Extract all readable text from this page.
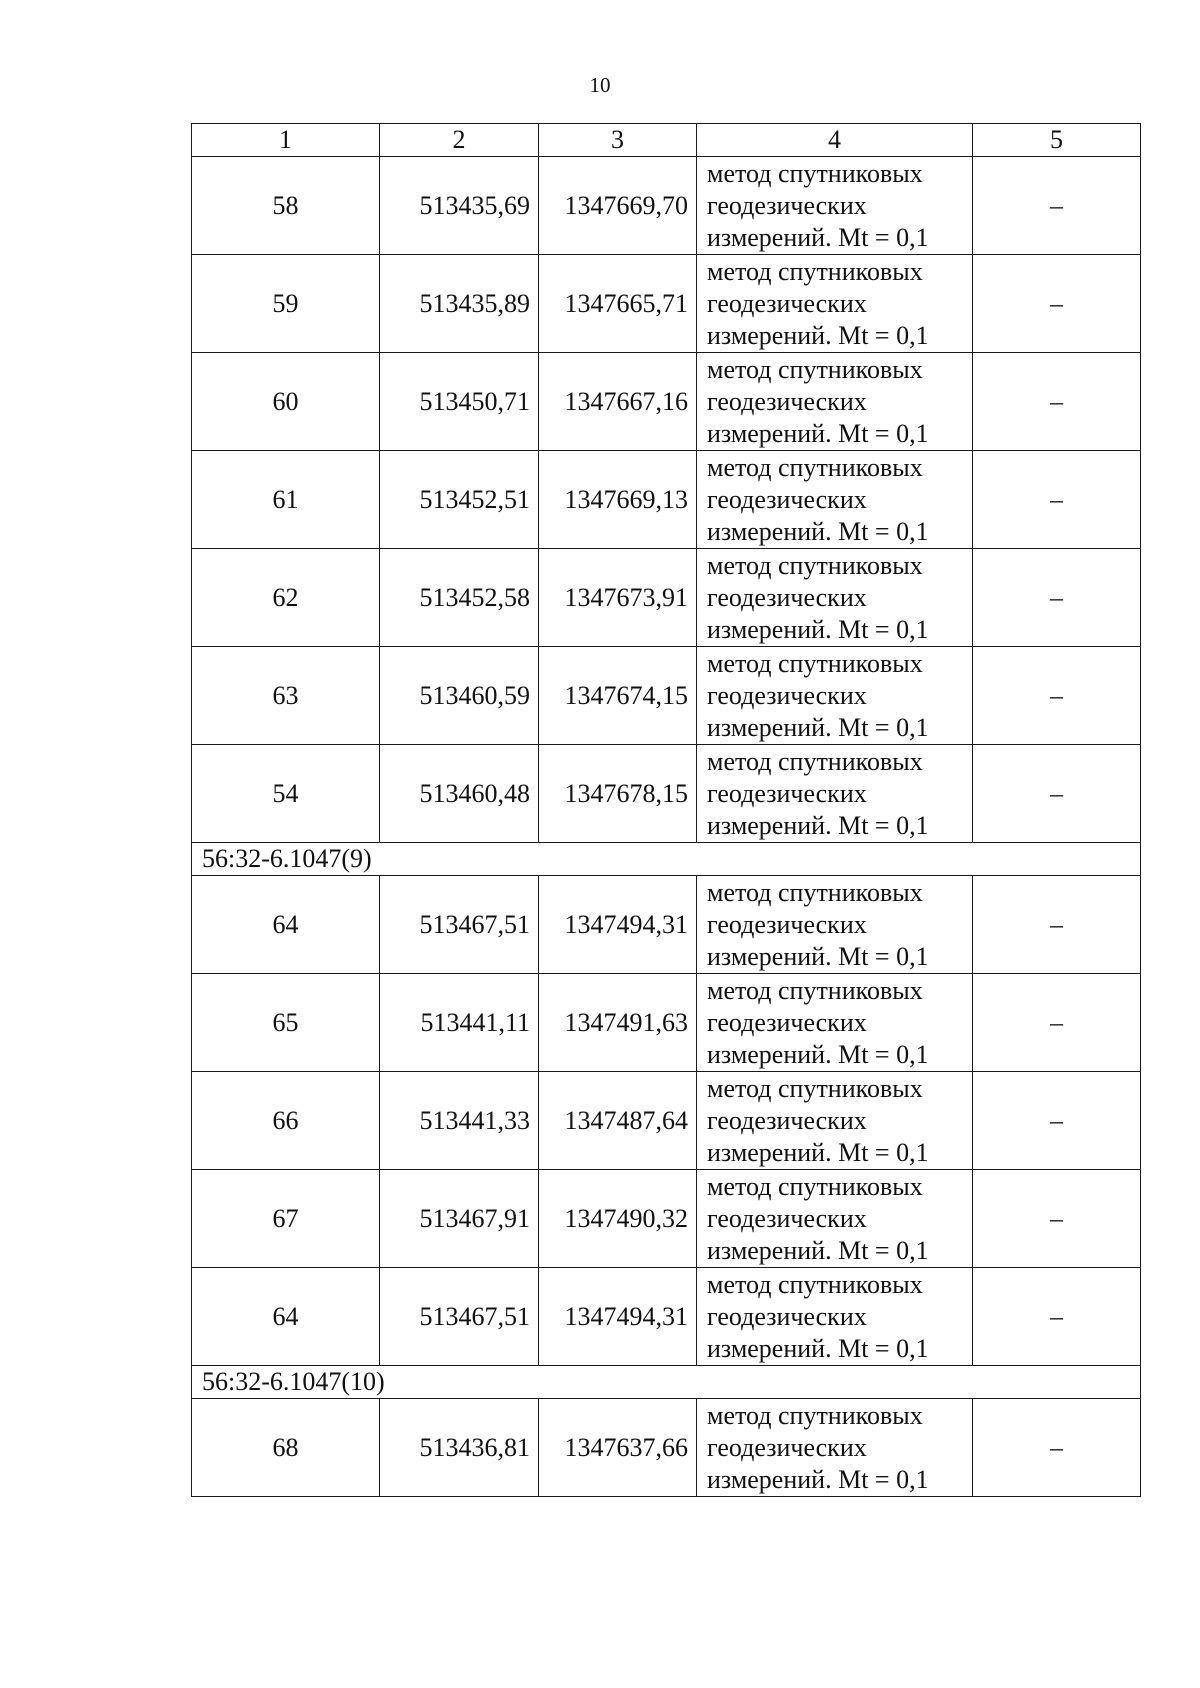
10
1	2	3	4	5
58	513435,69	1347669,70	метод спутниковых
геодезических
измерений. Mt = 0,1	–
59	513435,89	1347665,71	метод спутниковых
геодезических
измерений. Mt = 0,1	–
60	513450,71	1347667,16	метод спутниковых
геодезических
измерений. Mt = 0,1	–
61	513452,51	1347669,13	метод спутниковых
геодезических
измерений. Mt = 0,1	–
62	513452,58	1347673,91	метод спутниковых
геодезических
измерений. Mt = 0,1	–
63	513460,59	1347674,15	метод спутниковых
геодезических
измерений. Mt = 0,1	–
54	513460,48	1347678,15	метод спутниковых
геодезических
измерений. Mt = 0,1	–
56:32-6.1047(9)				
64	513467,51	1347494,31	метод спутниковых
геодезических
измерений. Mt = 0,1	–
65	513441,11	1347491,63	метод спутниковых
геодезических
измерений. Mt = 0,1	–
66	513441,33	1347487,64	метод спутниковых
геодезических
измерений. Mt = 0,1	–
67	513467,91	1347490,32	метод спутниковых
геодезических
измерений. Mt = 0,1	–
64	513467,51	1347494,31	метод спутниковых
геодезических
измерений. Mt = 0,1	–
56:32-6.1047(10)				
68	513436,81	1347637,66	метод спутниковых
геодезических
измерений. Mt = 0,1	–
